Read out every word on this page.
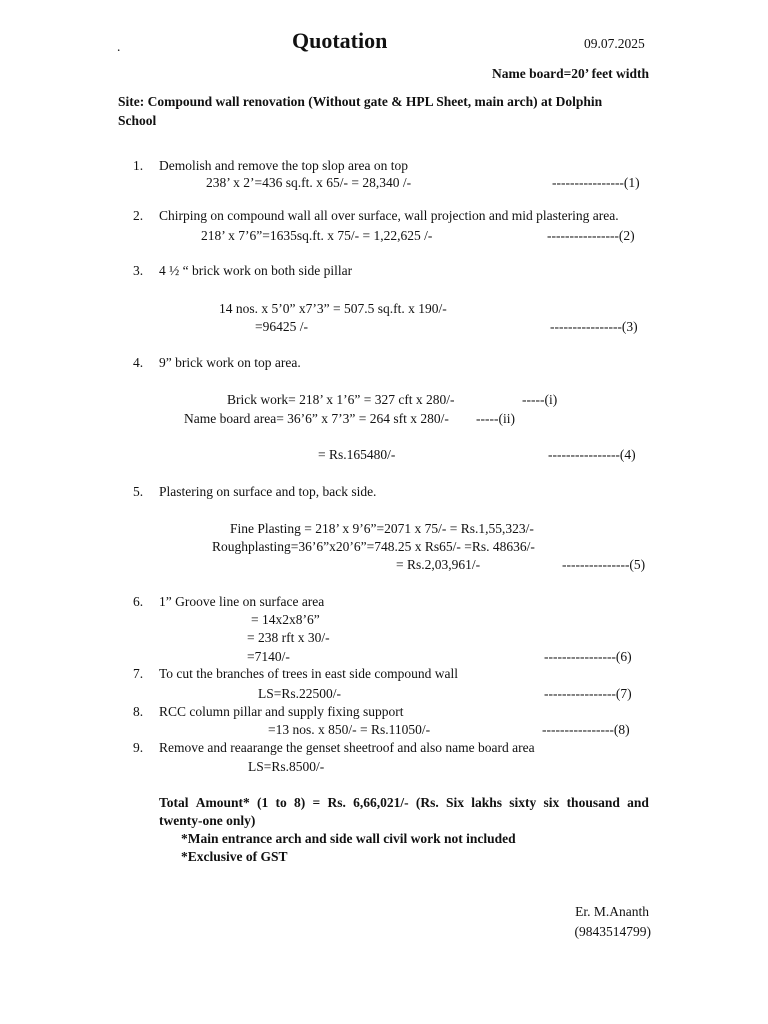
.	Quotation	09.07.2025
Name board=20’ feet width
Site: Compound wall renovation (Without gate & HPL Sheet, main arch) at Dolphin
School
1. Demolish and remove the top slop area on top
238’ x 2’=436 sq.ft. x 65/- = 28,340 /-	----------------(1)
2. Chirping on compound wall all over surface, wall projection and mid plastering area.
218’ x 7’6”=1635sq.ft. x 75/- = 1,22,625 /-	----------------(2)
3. 4 ½ “ brick work on both side pillar
14 nos. x 5’0” x7’3” = 507.5 sq.ft. x 190/-
=96425 /-	----------------(3)
4. 9” brick work on top area.
Brick work= 218’ x 1’6” = 327 cft x 280/-	-----(i)
Name board area= 36’6” x 7’3” = 264 sft x 280/- -----(ii)
= Rs.165480/-	----------------(4)
5. Plastering on surface and top, back side.
Fine Plasting = 218’ x 9’6”=2071 x 75/- = Rs.1,55,323/-
Roughplasting=36’6”x20’6”=748.25 x Rs65/- =Rs. 48636/-
= Rs.2,03,961/-	---------------(5)
6. 1” Groove line on surface area
= 14x2x8’6”
= 238 rft x 30/-
=7140/-	----------------(6)
7. To cut the branches of trees in east side compound wall
LS=Rs.22500/-	----------------(7)
8. RCC column pillar and supply fixing support
=13 nos. x 850/- = Rs.11050/-	----------------(8)
9. Remove and reaarange the genset sheetroof and also name board area
LS=Rs.8500/-
Total Amount* (1 to 8) = Rs. 6,66,021/- (Rs. Six lakhs sixty six thousand and
twenty-one only)
*Main entrance arch and side wall civil work not included
*Exclusive of GST
Er. M.Ananth
(9843514799)
